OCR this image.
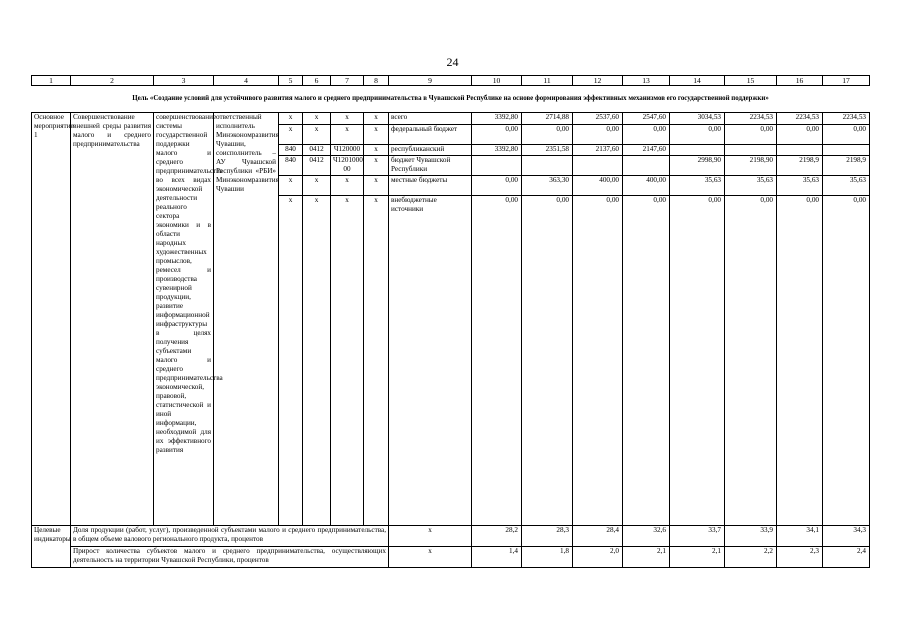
24
1	2	3	4	5	6	7	8	9	10	11	12	13	14	15	16	17
Цель «Создание условий для устойчивого развития малого и среднего предпринимательства в Чувашской Республике на основе формирования эффективных механизмов его государственной поддержки»																
Основное мероприятие 1	Совершенствование внешней среды развития малого и среднего предпринимательства	совершенствование системы государственной поддержки малого и среднего предпринимательства во всех видах экономической деятельности реального сектора экономики и в области народных художественных промыслов, ремесел и производства сувенирной продукции, развитие информационной инфраструктуры в целях получения субъектами малого и среднего предпринимательства экономической, правовой, статистической и иной информации, необходимой для их эффективного развития	ответственный исполнитель Минэкономразвития Чувашии, соисполнитель – АУ Чувашской Республики «РБИ» Минэкономразвития Чувашии	x	x	x	x	всего	3392,80	2714,88	2537,60	2547,60	3034,53	2234,53	2234,53	2234,53
				x	x	x	x	федеральный бюджет	0,00	0,00	0,00	0,00	0,00	0,00	0,00	0,00
				840	0412	Ч120000	x	республиканский	3392,80	2351,58	2137,60	2147,60				
				840	0412	Ч1201000 00	x	бюджет Чувашской Республики					2998,90	2198,90	2198,9	2198,9
				x	x	x	x	местные бюджеты	0,00	363,30	400,00	400,00	35,63	35,63	35,63	35,63
				x	x	x	x	внебюджетные источники	0,00	0,00	0,00	0,00	0,00	0,00	0,00	0,00
Целевые индикаторы	Доля продукции (работ, услуг), произведенной субъектами малого и среднего предпринимательства, в общем объеме валового регионального продукта, процентов							x	28,2	28,3	28,4	32,6	33,7	33,9	34,1	34,3
	Прирост количества субъектов малого и среднего предпринимательства, осуществляющих деятельность на территории Чувашской Республики, процентов							x	1,4	1,8	2,0	2,1	2,1	2,2	2,3	2,4
